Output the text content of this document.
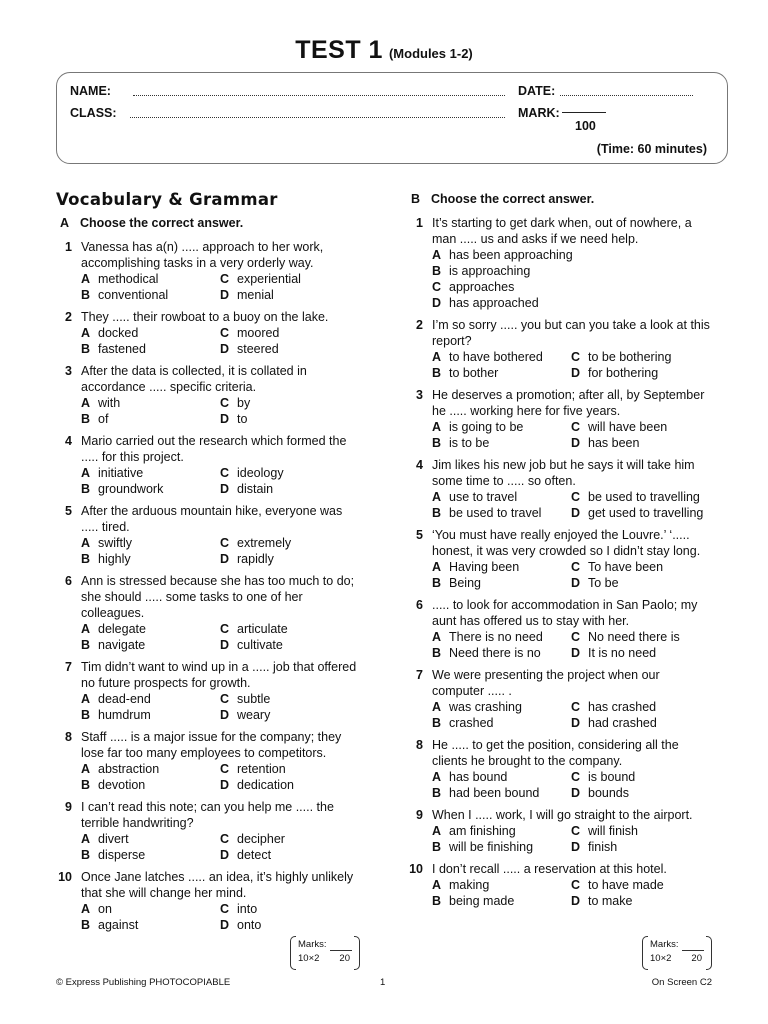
TEST 1 (Modules 1-2)
NAME:	DATE:
CLASS:	MARK:
100
(Time: 60 minutes)
Vocabulary & Grammar
A Choose the correct answer.
1 Vanessa has a(n) ..... approach to her work, accomplishing tasks in a very orderly way.
A methodical	C experiential
B conventional	D menial
2 They ..... their rowboat to a buoy on the lake.
A docked	C moored
B fastened	D steered
3 After the data is collected, it is collated in accordance ..... specific criteria.
A with	C by
B of	D to
4 Mario carried out the research which formed the ..... for this project.
A initiative	C ideology
B groundwork	D distain
5 After the arduous mountain hike, everyone was ..... tired.
A swiftly	C extremely
B highly	D rapidly
6 Ann is stressed because she has too much to do; she should ..... some tasks to one of her colleagues.
A delegate	C articulate
B navigate	D cultivate
7 Tim didn’t want to wind up in a ..... job that offered no future prospects for growth.
A dead-end	C subtle
B humdrum	D weary
8 Staff ..... is a major issue for the company; they lose far too many employees to competitors.
A abstraction	C retention
B devotion	D dedication
9 I can’t read this note; can you help me ..... the terrible handwriting?
A divert	C decipher
B disperse	D detect
10 Once Jane latches ..... an idea, it’s highly unlikely that she will change her mind.
A on	C into
B against	D onto
Marks:
10×2 20
B Choose the correct answer.
1 It’s starting to get dark when, out of nowhere, a man ..... us and asks if we need help.
A has been approaching
B is approaching
C approaches
D has approached
2 I’m so sorry ..... you but can you take a look at this report?
A to have bothered	C to be bothering
B to bother	D for bothering
3 He deserves a promotion; after all, by September he ..... working here for five years.
A is going to be	C will have been
B is to be	D has been
4 Jim likes his new job but he says it will take him some time to ..... so often.
A use to travel	C be used to travelling
B be used to travel	D get used to travelling
5 ‘You must have really enjoyed the Louvre.’ ‘..... honest, it was very crowded so I didn’t stay long.
A Having been	C To have been
B Being	D To be
6 ..... to look for accommodation in San Paolo; my aunt has offered us to stay with her.
A There is no need	C No need there is
B Need there is no	D It is no need
7 We were presenting the project when our computer ..... .
A was crashing	C has crashed
B crashed	D had crashed
8 He ..... to get the position, considering all the clients he brought to the company.
A has bound	C is bound
B had been bound	D bounds
9 When I ..... work, I will go straight to the airport.
A am finishing	C will finish
B will be finishing	D finish
10 I don’t recall ..... a reservation at this hotel.
A making	C to have made
B being made	D to make
Marks:
10×2 20
© Express Publishing PHOTOCOPIABLE	1	On Screen C2
